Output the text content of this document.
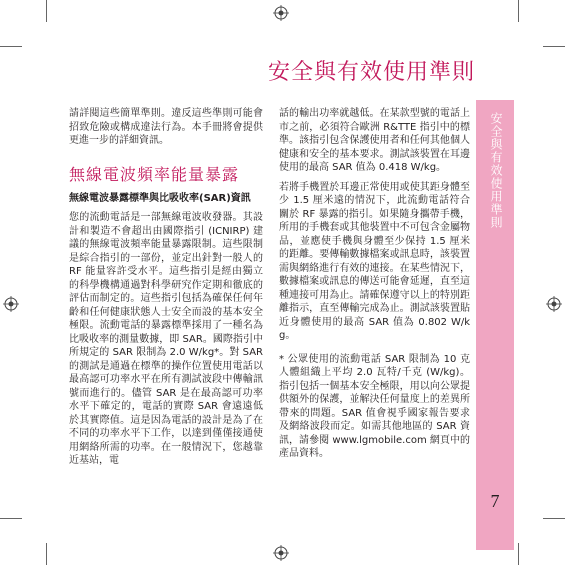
安全與有效使用準則
安全與有效使用準則
7

請詳閱這些簡單準則。違反這些準則可能會招致危險或構成違法行為。本手冊將會提供更進一步的詳細資訊。

無線電波頻率能量暴露

無線電波暴露標準與比吸收率(SAR)資訊

您的流動電話是一部無線電波收發器。其設計和製造不會超出由國際指引 (ICNIRP) 建議的無線電波頻率能量暴露限制。這些限制是綜合指引的一部份，並定出針對一般人的 RF 能量容許受水平。這些指引是經由獨立的科學機構通過對科學研究作定期和徹底的評估而制定的。這些指引包括為確保任何年齡和任何健康狀態人士安全而設的基本安全極限。流動電話的暴露標準採用了一種名為比吸收率的測量數據，即 SAR。國際指引中所規定的 SAR 限制為 2.0 W/kg*。對 SAR 的測試是通過在標準的操作位置使用電話以最高認可功率水平在所有測試波段中傳輸訊號而進行的。儘管 SAR 是在最高認可功率水平下確定的，電話的實際 SAR 會遠遠低於其實際值。這是因為電話的設計是為了在不同的功率水平下工作，以達到僅僅接通使用網絡所需的功率。在一般情況下，您越靠近基站，電

話的輸出功率就越低。在某款型號的電話上市之前，必須符合歐洲 R&TTE 指引中的標準。該指引包含保護使用者和任何其他個人健康和安全的基本要求。測試該裝置在耳邊使用的最高 SAR 值為 0.418 W/kg。

若將手機置於耳邊正常使用或使其距身體至少 1.5 厘米遠的情況下，此流動電話符合關於 RF 暴露的指引。如果隨身攜帶手機，所用的手機套或其他裝置中不可包含金屬物品，並應使手機與身體至少保持 1.5 厘米的距離。要傳輸數據檔案或訊息時，該裝置需與網絡進行有效的連接。在某些情況下，數據檔案或訊息的傳送可能會延遲，直至這種連接可用為止。請確保遵守以上的特別距離指示，直至傳輸完成為止。測試該裝置貼近身體使用的最高 SAR 值為 0.802 W/kg。

* 公眾使用的流動電話 SAR 限制為 10 克人體組織上平均 2.0 瓦特/千克 (W/kg)。指引包括一個基本安全極限，用以向公眾提供額外的保護，並解決任何量度上的差異所帶來的問題。SAR 值會視乎國家報告要求及網絡波段而定。如需其他地區的 SAR 資訊，請參閱 www.lgmobile.com 網頁中的產品資料。
